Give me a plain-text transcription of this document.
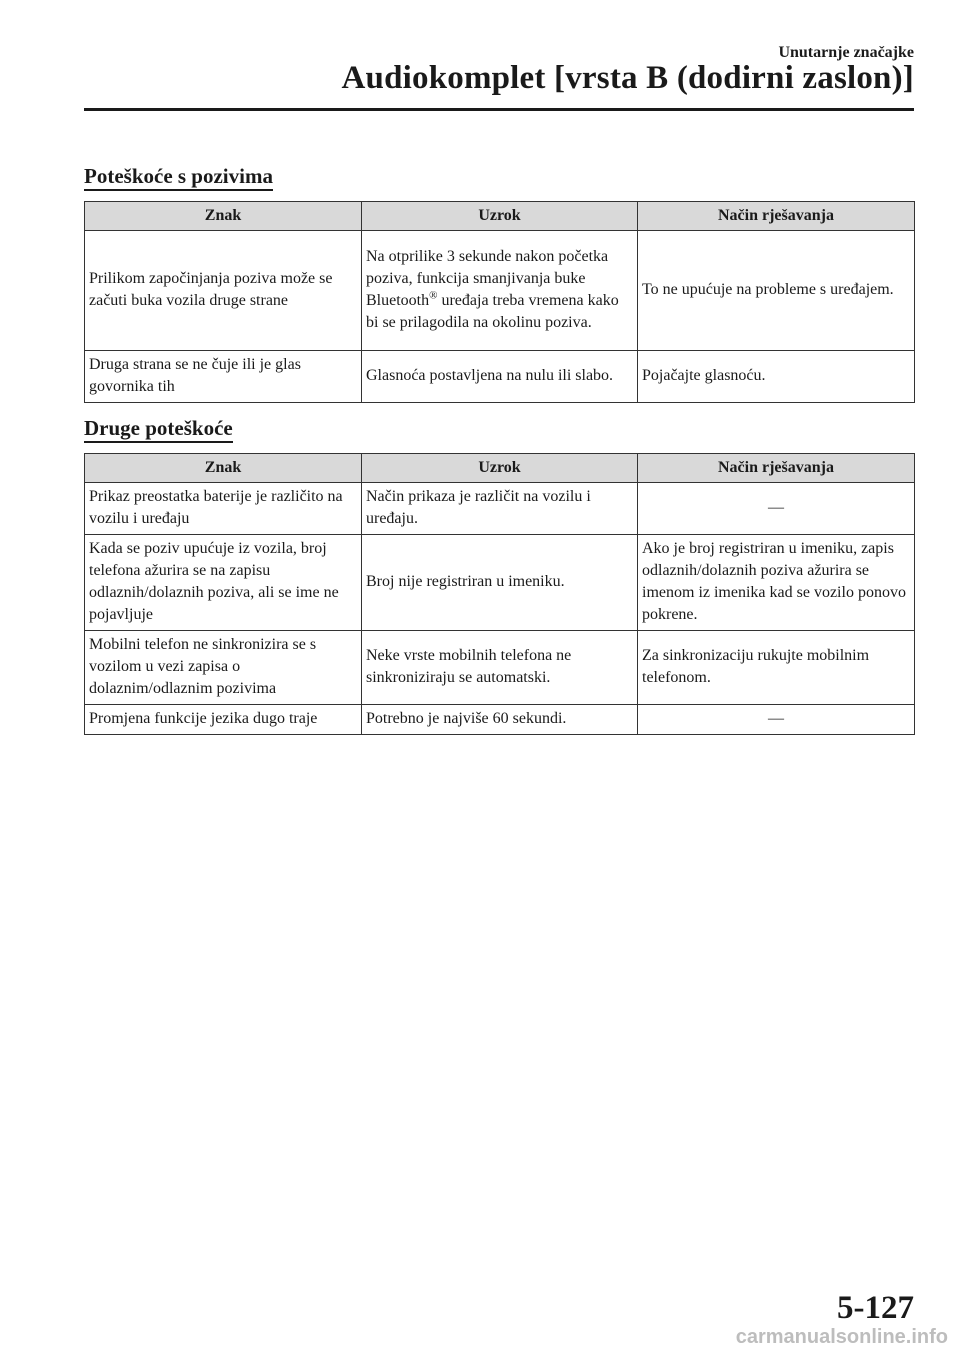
Unutarnje značajke
Audiokomplet [vrsta B (dodirni zaslon)]
Poteškoće s pozivima
Znak	Uzrok	Način rješavanja
Prilikom započinjanja poziva može se začuti buka vozila druge strane	Na otprilike 3 sekunde nakon početka poziva, funkcija smanjivanja buke Bluetooth® uređaja treba vremena kako bi se prilagodila na okolinu poziva.	To ne upućuje na probleme s uređajem.
Druga strana se ne čuje ili je glas govornika tih	Glasnoća postavljena na nulu ili slabo.	Pojačajte glasnoću.
Druge poteškoće
Znak	Uzrok	Način rješavanja
Prikaz preostatka baterije je različito na vozilu i uređaju	Način prikaza je različit na vozilu i uređaju.	—
Kada se poziv upućuje iz vozila, broj telefona ažurira se na zapisu odlaznih/dolaznih poziva, ali se ime ne pojavljuje	Broj nije registriran u imeniku.	Ako je broj registriran u imeniku, zapis odlaznih/dolaznih poziva ažurira se imenom iz imenika kad se vozilo ponovo pokrene.
Mobilni telefon ne sinkronizira se s vozilom u vezi zapisa o dolaznim/odlaznim pozivima	Neke vrste mobilnih telefona ne sinkroniziraju se automatski.	Za sinkronizaciju rukujte mobilnim telefonom.
Promjena funkcije jezika dugo traje	Potrebno je najviše 60 sekundi.	—
5-127
carmanualsonline.info
